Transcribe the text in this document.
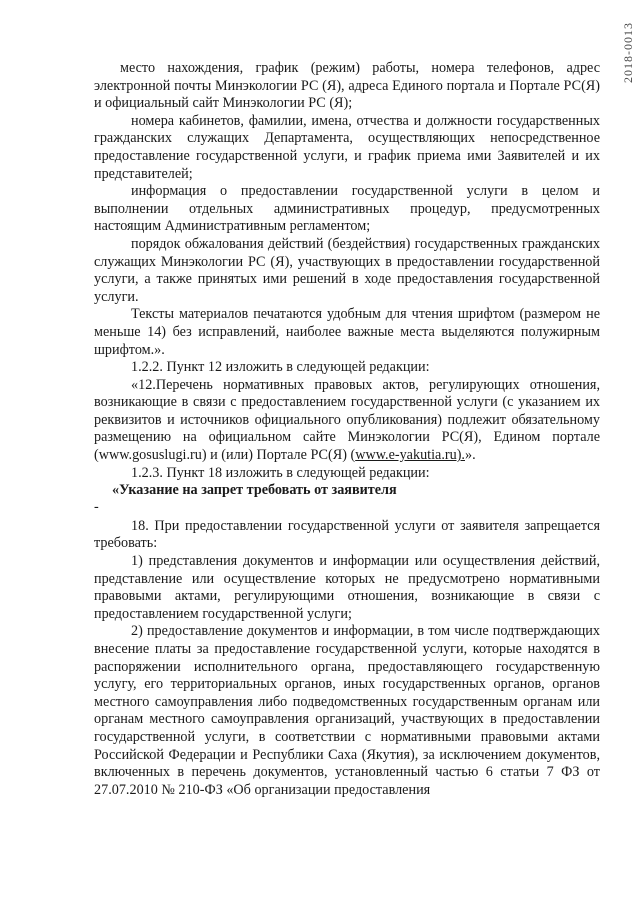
2018-0013

место нахождения, график (режим) работы, номера телефонов, адрес электронной почты Минэкологии РС (Я), адреса Единого портала и Портале РС(Я) и официальный сайт Минэкологии РС (Я);

номера кабинетов, фамилии, имена, отчества и должности государственных гражданских служащих Департамента, осуществляющих непосредственное предоставление государственной услуги, и график приема ими Заявителей и их представителей;

информация о предоставлении государственной услуги в целом и выполнении отдельных административных процедур, предусмотренных настоящим Административным регламентом;

порядок обжалования действий (бездействия) государственных гражданских служащих Минэкологии РС (Я), участвующих в предоставлении государственной услуги, а также принятых ими решений в ходе предоставления государственной услуги.

Тексты материалов печатаются удобным для чтения шрифтом (размером не меньше 14) без исправлений, наиболее важные места выделяются полужирным шрифтом.».

1.2.2. Пункт 12 изложить в следующей редакции:

«12.Перечень нормативных правовых актов, регулирующих отношения, возникающие в связи с предоставлением государственной услуги (с указанием их реквизитов и источников официального опубликования) подлежит обязательному размещению на официальном сайте Минэкологии РС(Я), Едином портале (www.gosuslugi.ru) и (или) Портале РС(Я) (www.e-yakutia.ru).».

1.2.3. Пункт 18 изложить в следующей редакции:

«Указание на запрет требовать от заявителя

-

18. При предоставлении государственной услуги от заявителя запрещается требовать:

1) представления документов и информации или осуществления действий, представление или осуществление которых не предусмотрено нормативными правовыми актами, регулирующими отношения, возникающие в связи с предоставлением государственной услуги;

2) предоставление документов и информации, в том числе подтверждающих внесение платы за предоставление государственной услуги, которые находятся в распоряжении исполнительного органа, предоставляющего государственную услугу, его территориальных органов, иных государственных органов, органов местного самоуправления либо подведомственных государственным органам или органам местного самоуправления организаций, участвующих в предоставлении государственной услуги, в соответствии с нормативными правовыми актами Российской Федерации и Республики Саха (Якутия), за исключением документов, включенных в перечень документов, установленный частью 6 статьи 7 ФЗ от 27.07.2010 № 210-ФЗ «Об организации предоставления
